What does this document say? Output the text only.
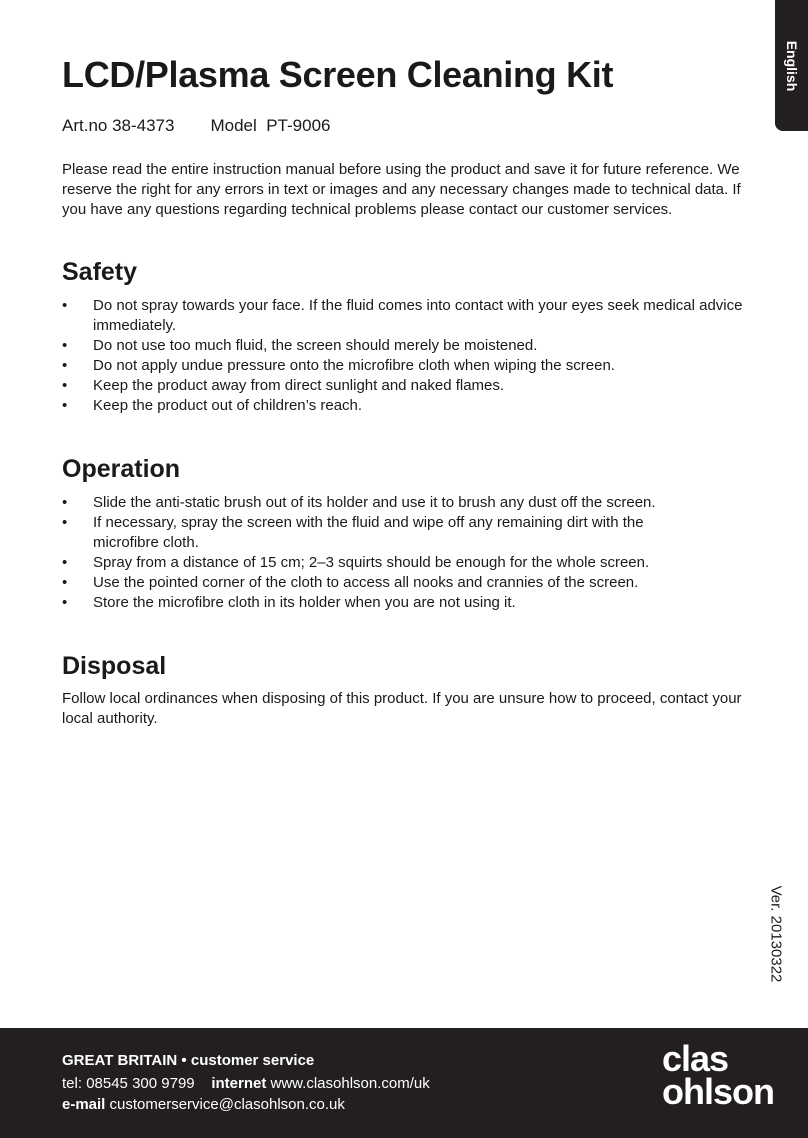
English
LCD/Plasma Screen Cleaning Kit
Art.no 38-4373 Model  PT-9006

Please read the entire instruction manual before using the product and save it for future reference. We reserve the right for any errors in text or images and any necessary changes made to technical data. If you have any questions regarding technical problems please contact our customer services.

Safety
• Do not spray towards your face. If the fluid comes into contact with your eyes seek medical advice immediately.
• Do not use too much fluid, the screen should merely be moistened.
• Do not apply undue pressure onto the microfibre cloth when wiping the screen.
• Keep the product away from direct sunlight and naked flames.
• Keep the product out of children’s reach.
Operation
• Slide the anti-static brush out of its holder and use it to brush any dust off the screen.
• If necessary, spray the screen with the fluid and wipe off any remaining dirt with the microfibre cloth.
• Spray from a distance of 15 cm; 2–3 squirts should be enough for the whole screen.
• Use the pointed corner of the cloth to access all nooks and crannies of the screen.
• Store the microfibre cloth in its holder when you are not using it.
Disposal

Follow local ordinances when disposing of this product. If you are unsure how to proceed, contact your local authority.

Ver. 20130322
GREAT BRITAIN • customer service
tel: 08545 300 9799 internet www.clasohlson.com/uk
e-mail customerservice@clasohlson.co.uk
clas
ohlson
